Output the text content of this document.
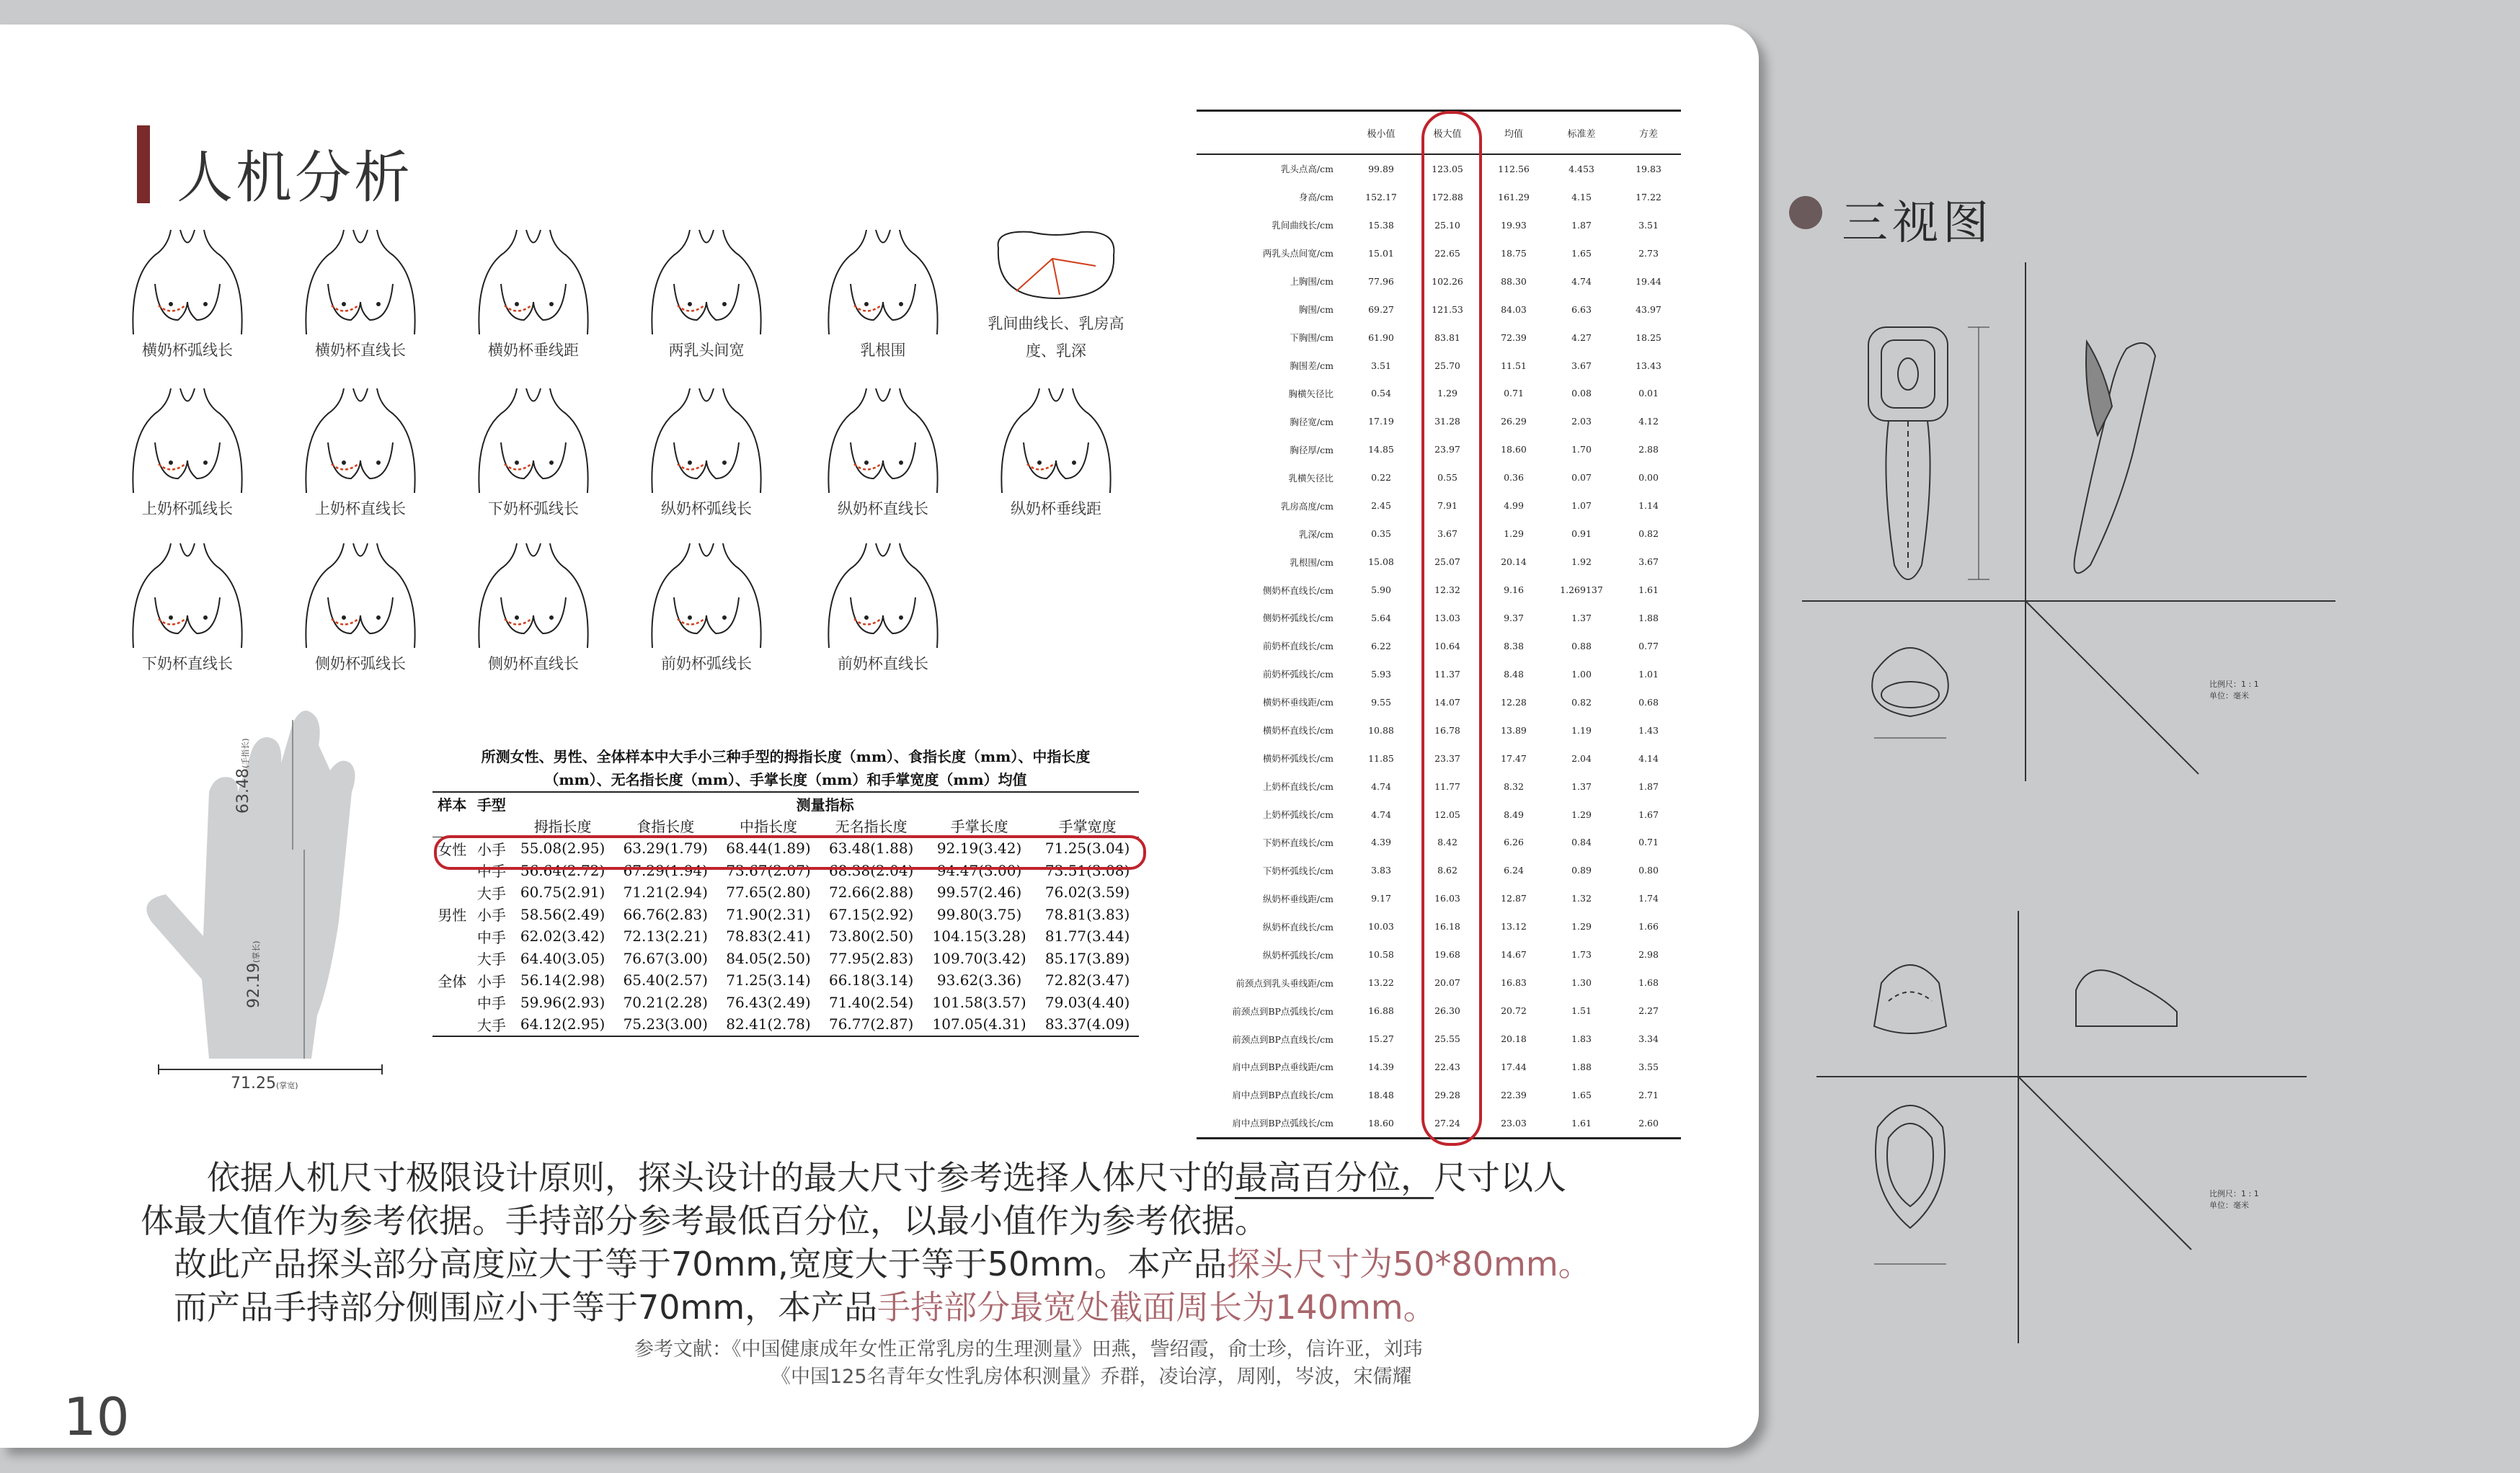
人机分析
横奶杯弧线长	横奶杯直线长	横奶杯垂线距	两乳头间宽	乳根围
乳间曲线长、乳房高度、乳深
上奶杯弧线长	上奶杯直线长	下奶杯弧线长	纵奶杯弧线长	纵奶杯直线长	纵奶杯垂线距
下奶杯直线长	侧奶杯弧线长	侧奶杯直线长	前奶杯弧线长	前奶杯直线长
63.48(手指长)
92.19(掌长)
71.25(掌宽)
所测女性、男性、全体样本中大手小三种手型的拇指长度（mm）、食指长度（mm）、中指长度
（mm）、无名指长度（mm）、手掌长度（mm）和手掌宽度（mm）均值
样本	手型	测量指标					
		拇指长度	食指长度	中指长度	无名指长度	手掌长度	手掌宽度
女性	小手	55.08(2.95)	63.29(1.79)	68.44(1.89)	63.48(1.88)	92.19(3.42)	71.25(3.04)
	中手	56.64(2.72)	67.29(1.94)	73.67(2.07)	68.38(2.04)	94.47(3.00)	73.51(3.08)
	大手	60.75(2.91)	71.21(2.94)	77.65(2.80)	72.66(2.88)	99.57(2.46)	76.02(3.59)
男性	小手	58.56(2.49)	66.76(2.83)	71.90(2.31)	67.15(2.92)	99.80(3.75)	78.81(3.83)
	中手	62.02(3.42)	72.13(2.21)	78.83(2.41)	73.80(2.50)	104.15(3.28)	81.77(3.44)
	大手	64.40(3.05)	76.67(3.00)	84.05(2.50)	77.95(2.83)	109.70(3.42)	85.17(3.89)
全体	小手	56.14(2.98)	65.40(2.57)	71.25(3.14)	66.18(3.14)	93.62(3.36)	72.82(3.47)
	中手	59.96(2.93)	70.21(2.28)	76.43(2.49)	71.40(2.54)	101.58(3.57)	79.03(4.40)
	大手	64.12(2.95)	75.23(3.00)	82.41(2.78)	76.77(2.87)	107.05(4.31)	83.37(4.09)
	极小值	极大值	均值	标准差	方差
乳头点高/cm	99.89	123.05	112.56	4.453	19.83
身高/cm	152.17	172.88	161.29	4.15	17.22
乳间曲线长/cm	15.38	25.10	19.93	1.87	3.51
两乳头点间宽/cm	15.01	22.65	18.75	1.65	2.73
上胸围/cm	77.96	102.26	88.30	4.74	19.44
胸围/cm	69.27	121.53	84.03	6.63	43.97
下胸围/cm	61.90	83.81	72.39	4.27	18.25
胸围差/cm	3.51	25.70	11.51	3.67	13.43
胸横矢径比	0.54	1.29	0.71	0.08	0.01
胸径宽/cm	17.19	31.28	26.29	2.03	4.12
胸径厚/cm	14.85	23.97	18.60	1.70	2.88
乳横矢径比	0.22	0.55	0.36	0.07	0.00
乳房高度/cm	2.45	7.91	4.99	1.07	1.14
乳深/cm	0.35	3.67	1.29	0.91	0.82
乳根围/cm	15.08	25.07	20.14	1.92	3.67
侧奶杯直线长/cm	5.90	12.32	9.16	1.269137	1.61
侧奶杯弧线长/cm	5.64	13.03	9.37	1.37	1.88
前奶杯直线长/cm	6.22	10.64	8.38	0.88	0.77
前奶杯弧线长/cm	5.93	11.37	8.48	1.00	1.01
横奶杯垂线距/cm	9.55	14.07	12.28	0.82	0.68
横奶杯直线长/cm	10.88	16.78	13.89	1.19	1.43
横奶杯弧线长/cm	11.85	23.37	17.47	2.04	4.14
上奶杯直线长/cm	4.74	11.77	8.32	1.37	1.87
上奶杯弧线长/cm	4.74	12.05	8.49	1.29	1.67
下奶杯直线长/cm	4.39	8.42	6.26	0.84	0.71
下奶杯弧线长/cm	3.83	8.62	6.24	0.89	0.80
纵奶杯垂线距/cm	9.17	16.03	12.87	1.32	1.74
纵奶杯直线长/cm	10.03	16.18	13.12	1.29	1.66
纵奶杯弧线长/cm	10.58	19.68	14.67	1.73	2.98
前颈点到乳头垂线距/cm	13.22	20.07	16.83	1.30	1.68
前颈点到BP点弧线长/cm	16.88	26.30	20.72	1.51	2.27
前颈点到BP点直线长/cm	15.27	25.55	20.18	1.83	3.34
肩中点到BP点垂线距/cm	14.39	22.43	17.44	1.88	3.55
肩中点到BP点直线长/cm	18.48	29.28	22.39	1.65	2.71
肩中点到BP点弧线长/cm	18.60	27.24	23.03	1.61	2.60
三视图
比例尺：1 : 1
单位：毫米
比例尺：1 : 1
单位：毫米

　　依据人机尺寸极限设计原则，探头设计的最大尺寸参考选择人体尺寸的最高百分位，尺寸以人

体最大值作为参考依据。手持部分参考最低百分位，以最小值作为参考依据。

　故此产品探头部分高度应大于等于70mm,宽度大于等于50mm。本产品探头尺寸为50*80mm。

　而产品手持部分侧围应小于等于70mm，本产品手持部分最宽处截面周长为140mm。

参考文献：《中国健康成年女性正常乳房的生理测量》田燕，訾绍霞，俞士珍，信许亚，刘玮

《中国125名青年女性乳房体积测量》乔群，凌诒淳，周刚，岑波，宋儒耀

10
